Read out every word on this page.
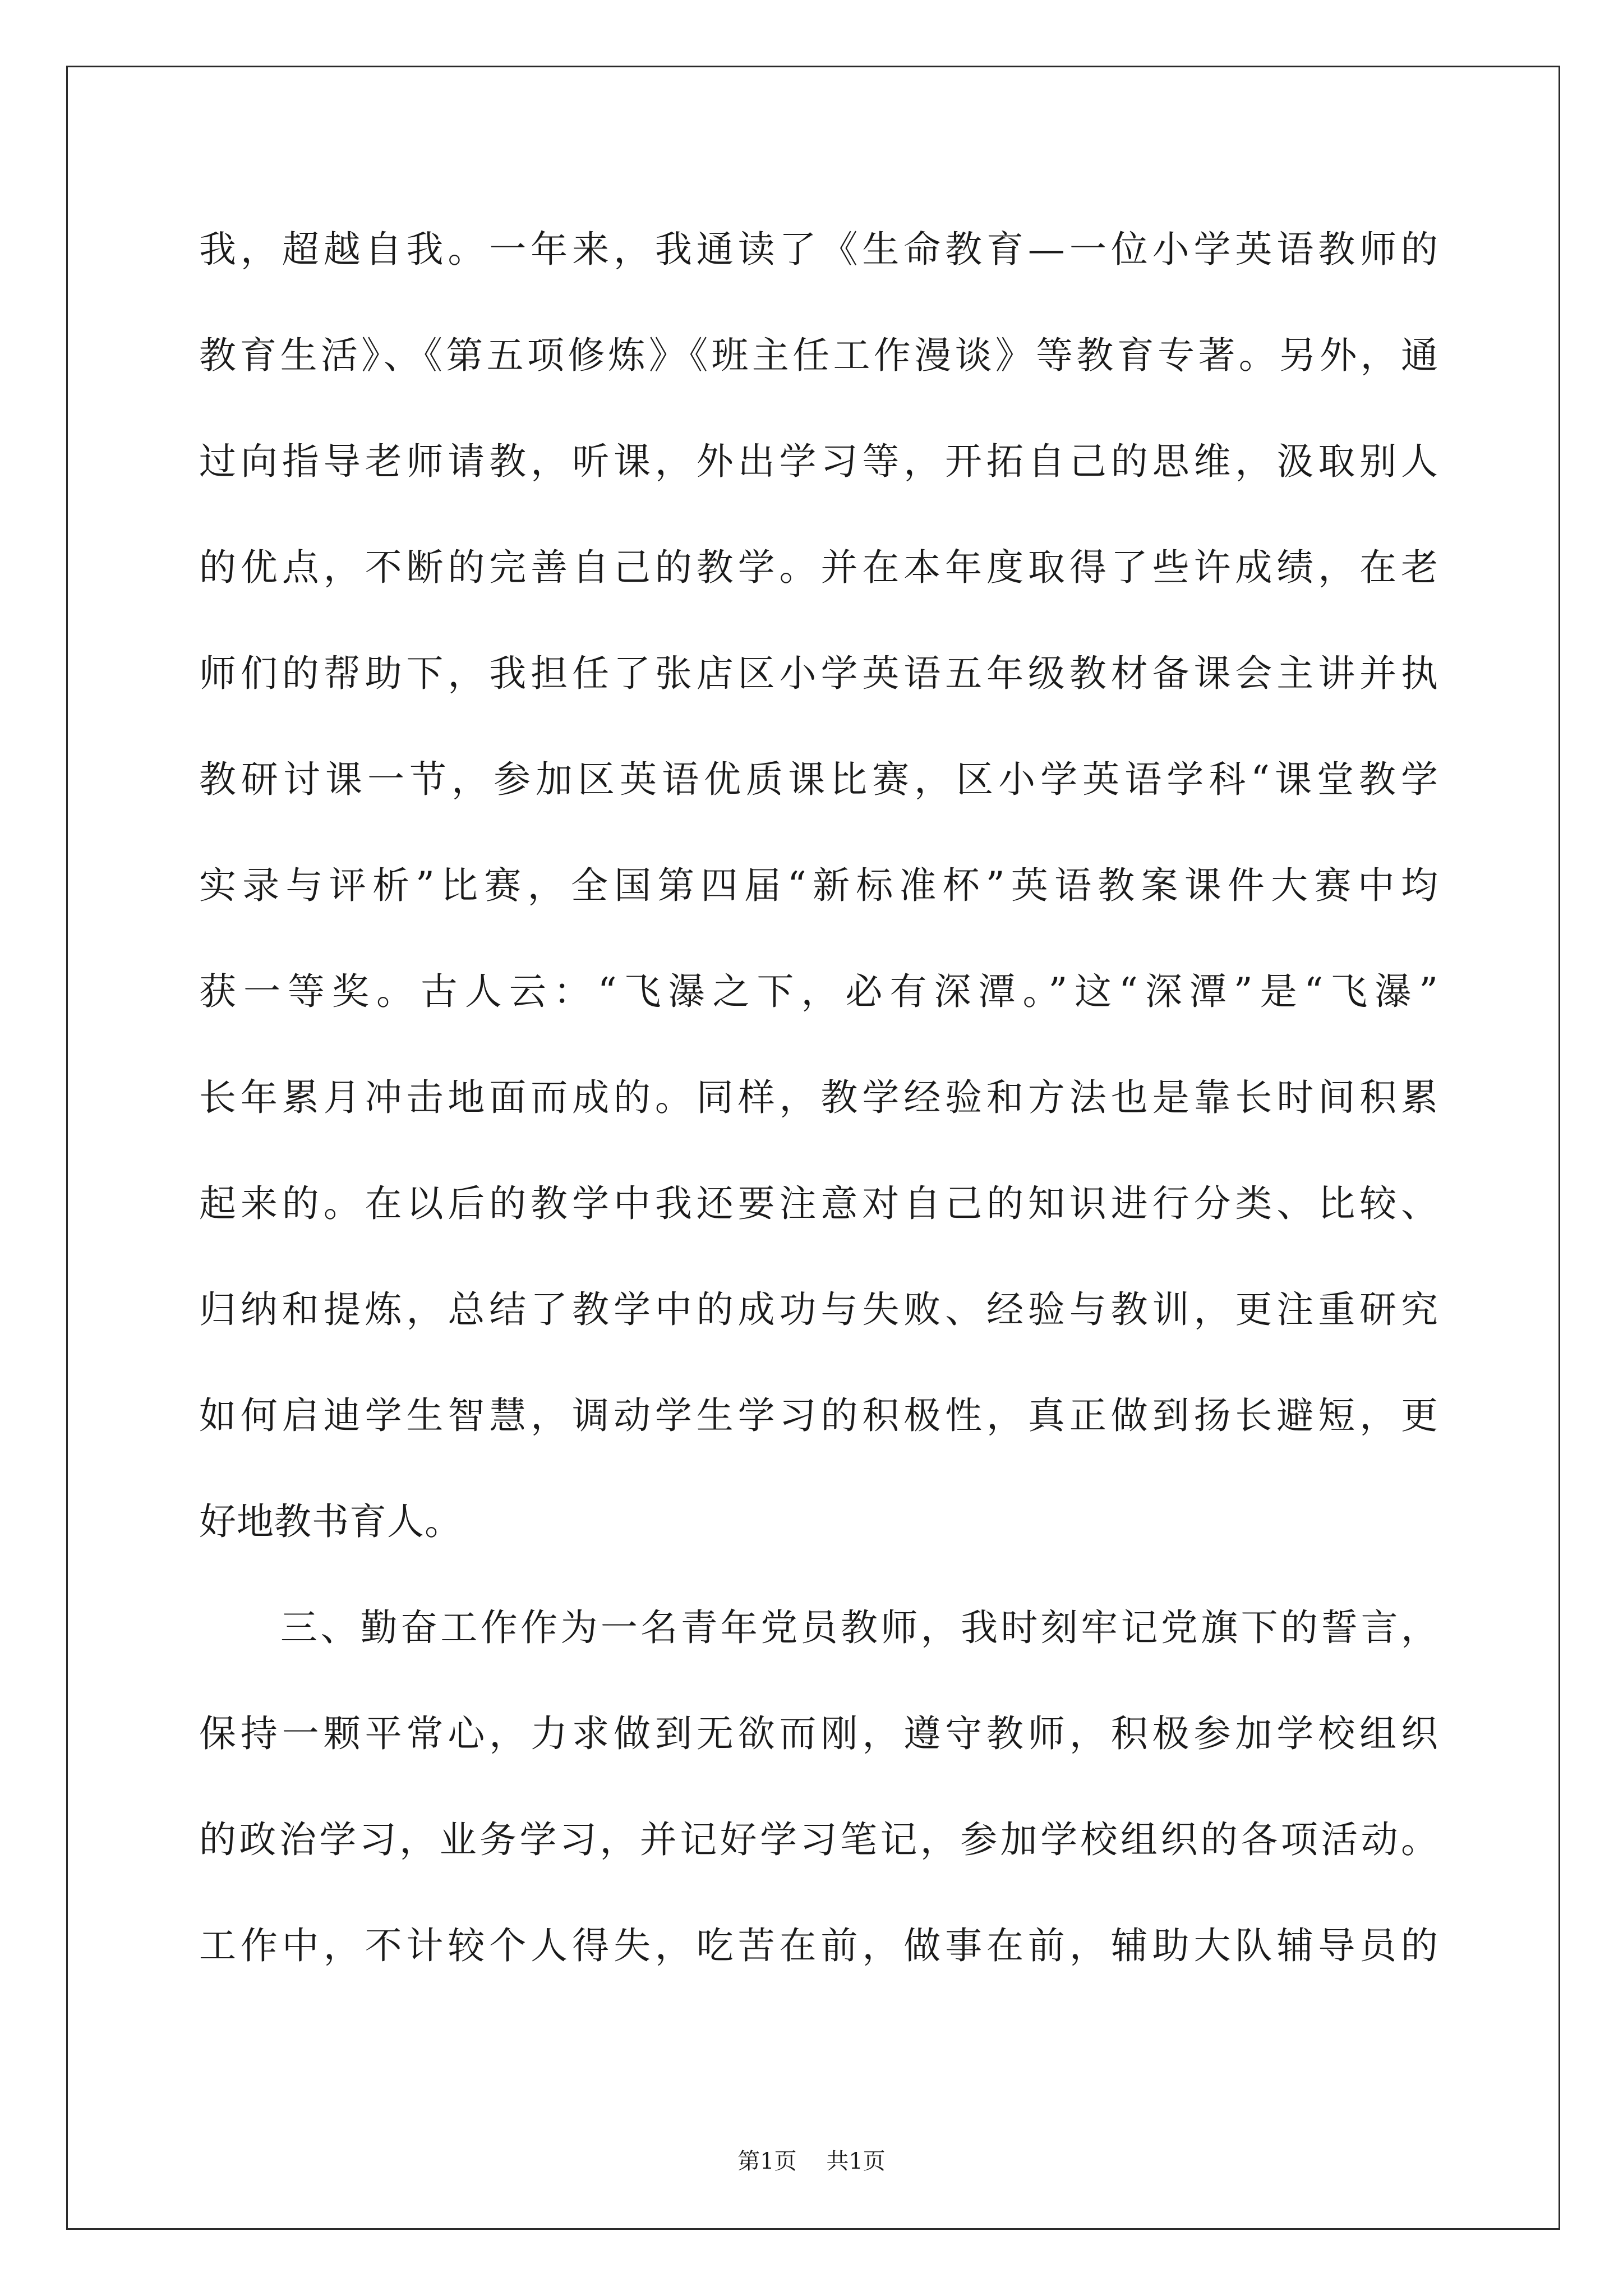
我，超越自我。一年来，我通读了《生命教育—一位小学英语教师的
教育生活》、《第五项修炼》《班主任工作漫谈》等教育专著。另外，通
过向指导老师请教，听课，外出学习等，开拓自己的思维，汲取别人
的优点，不断的完善自己的教学。并在本年度取得了些许成绩，在老
师们的帮助下，我担任了张店区小学英语五年级教材备课会主讲并执
教研讨课一节，参加区英语优质课比赛，区小学英语学科“课堂教学
实录与评析”比赛，全国第四届“新标准杯”英语教案课件大赛中均
获一等奖。古人云：“飞瀑之下，必有深潭。”这“深潭”是“飞瀑”
长年累月冲击地面而成的。同样，教学经验和方法也是靠长时间积累
起来的。在以后的教学中我还要注意对自己的知识进行分类、比较、
归纳和提炼，总结了教学中的成功与失败、经验与教训，更注重研究
如何启迪学生智慧，调动学生学习的积极性，真正做到扬长避短，更
好地教书育人。
三、勤奋工作作为一名青年党员教师，我时刻牢记党旗下的誓言，
保持一颗平常心，力求做到无欲而刚，遵守教师，积极参加学校组织
的政治学习，业务学习，并记好学习笔记，参加学校组织的各项活动。
工作中，不计较个人得失，吃苦在前，做事在前，辅助大队辅导员的
第1页 共1页
